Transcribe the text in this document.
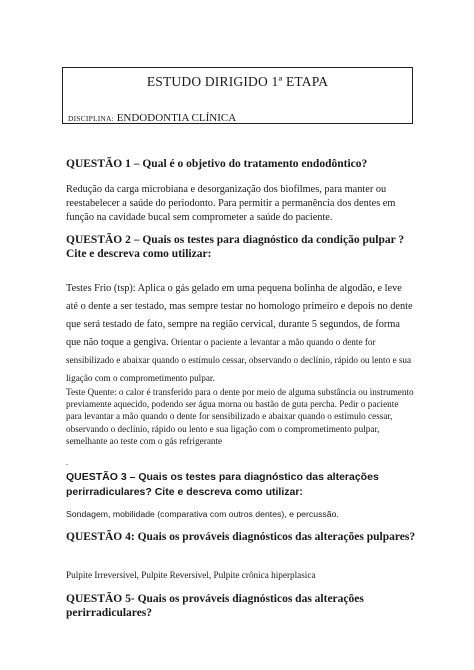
ESTUDO DIRIGIDO 1ª ETAPA
DISCIPLINA: ENDODONTIA CLÍNICA
QUESTÃO 1 – Qual é o objetivo do tratamento endodôntico?
Redução da carga microbiana e desorganização dos biofilmes, para manter ou reestabelecer a saúde do periodonto. Para permitir a permanência dos dentes em função na cavidade bucal sem comprometer a saúde do paciente.
QUESTÃO 2 – Quais os testes para diagnóstico da condição pulpar ? Cite e descreva como utilizar:
Testes Frio (tsp): Aplica o gás gelado em uma pequena bolinha de algodão, e leve até o dente a ser testado, mas sempre testar no homologo primeiro e depois no dente que será testado de fato, sempre na região cervical, durante 5 segundos, de forma que não toque a gengiva. Orientar o paciente a levantar a mão quando o dente for sensibilizado e abaixar quando o estímulo cessar, observando o declínio, rápido ou lento e sua ligação com o comprometimento pulpar.
Teste Quente: o calor é transferido para o dente por meio de alguma substância ou instrumento previamente aquecido, podendo ser água morna ou bastão de guta percha. Pedir o paciente para levantar a mão quando o dente for sensibilizado e abaixar quando o estímulo cessar, observando o declínio, rápido ou lento e sua ligação com o comprometimento pulpar, semelhante ao teste com o gás refrigerante
.
QUESTÃO 3 – Quais os testes para diagnóstico das alterações perirradiculares? Cite e descreva como utilizar:
Sondagem, mobilidade (comparativa com outros dentes), e percussão.
QUESTÃO 4: Quais os prováveis diagnósticos das alterações pulpares?
Pulpite Irreversível, Pulpite Reversível, Pulpite crônica hiperplasica
QUESTÃO 5- Quais os prováveis diagnósticos das alterações perirradiculares?
